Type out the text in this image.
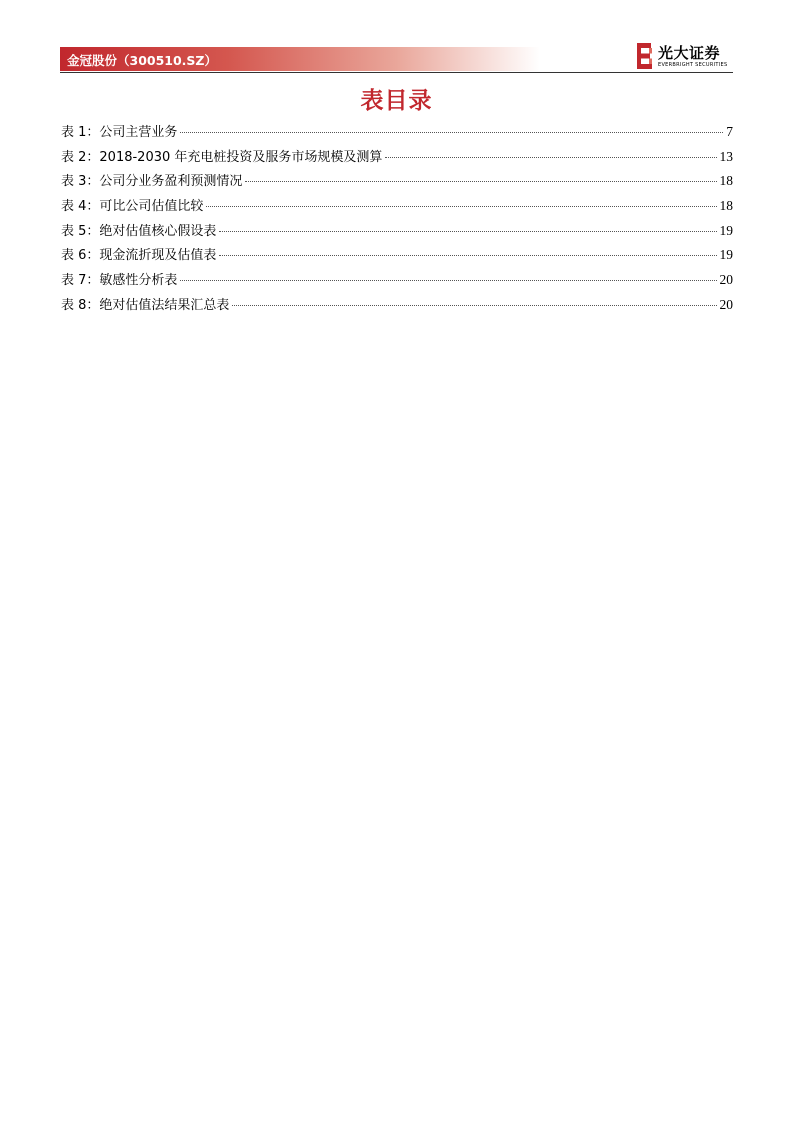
金冠股份（300510.SZ）	光大证券
EVERBRIGHT SECURITIES
表目录
表 1：公司主营业务	7
表 2：2018-2030 年充电桩投资及服务市场规模及测算	13
表 3：公司分业务盈利预测情况	18
表 4：可比公司估值比较	18
表 5：绝对估值核心假设表	19
表 6：现金流折现及估值表	19
表 7：敏感性分析表	20
表 8：绝对估值法结果汇总表	20
